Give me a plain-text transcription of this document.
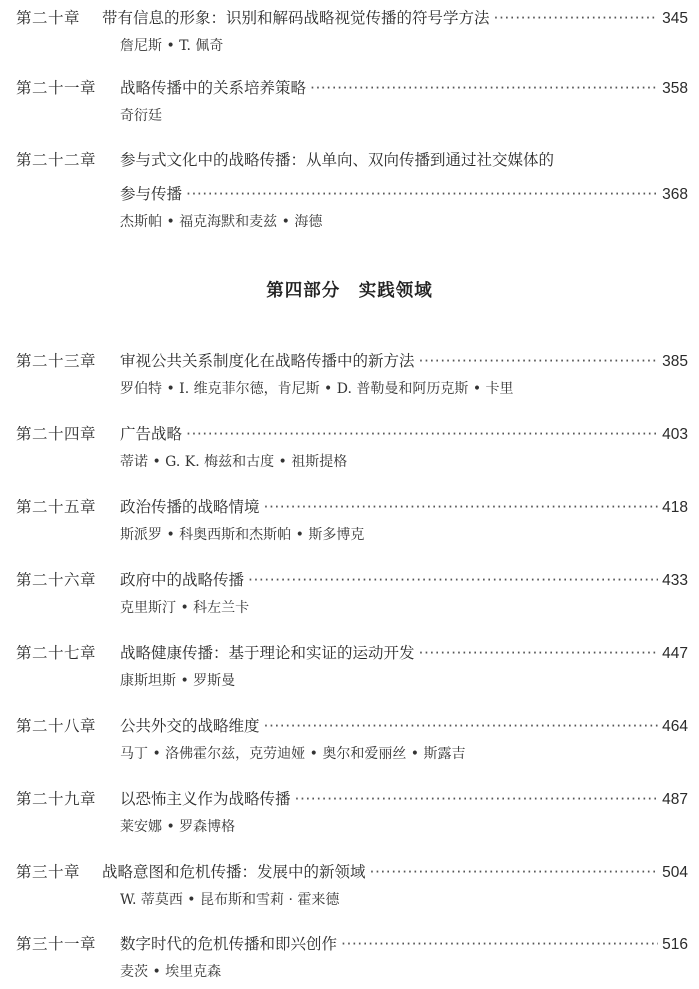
第二十章	带有信息的形象：识别和解码战略视觉传播的符号学方法 ·····	345
詹尼斯 • T. 佩奇
第二十一章	战略传播中的关系培养策略 ·····	358
奇衍廷
第二十二章	参与式文化中的战略传播：从单向、双向传播到通过社交媒体的
参与传播 ·····	368
杰斯帕 • 福克海默和麦兹 • 海德
第四部分　实践领域
第二十三章	审视公共关系制度化在战略传播中的新方法 ·····	385
罗伯特 • I. 维克菲尔德，肯尼斯 • D. 普勒曼和阿历克斯 • 卡里
第二十四章	广告战略 ·····	403
蒂诺 • G. K. 梅兹和古度 • 祖斯提格
第二十五章	政治传播的战略情境 ·····	418
斯派罗 • 科奥西斯和杰斯帕 • 斯多博克
第二十六章	政府中的战略传播 ·····	433
克里斯汀 • 科左兰卡
第二十七章	战略健康传播：基于理论和实证的运动开发 ·····	447
康斯坦斯 • 罗斯曼
第二十八章	公共外交的战略维度 ·····	464
马丁 • 洛佛霍尔兹，克劳迪娅 • 奥尔和爱丽丝 • 斯露吉
第二十九章	以恐怖主义作为战略传播 ·····	487
莱安娜 • 罗森博格
第三十章	战略意图和危机传播：发展中的新领域 ·····	504
W. 蒂莫西 • 昆布斯和雪莉 · 霍来德
第三十一章	数字时代的危机传播和即兴创作 ·····	516
麦茨 • 埃里克森
